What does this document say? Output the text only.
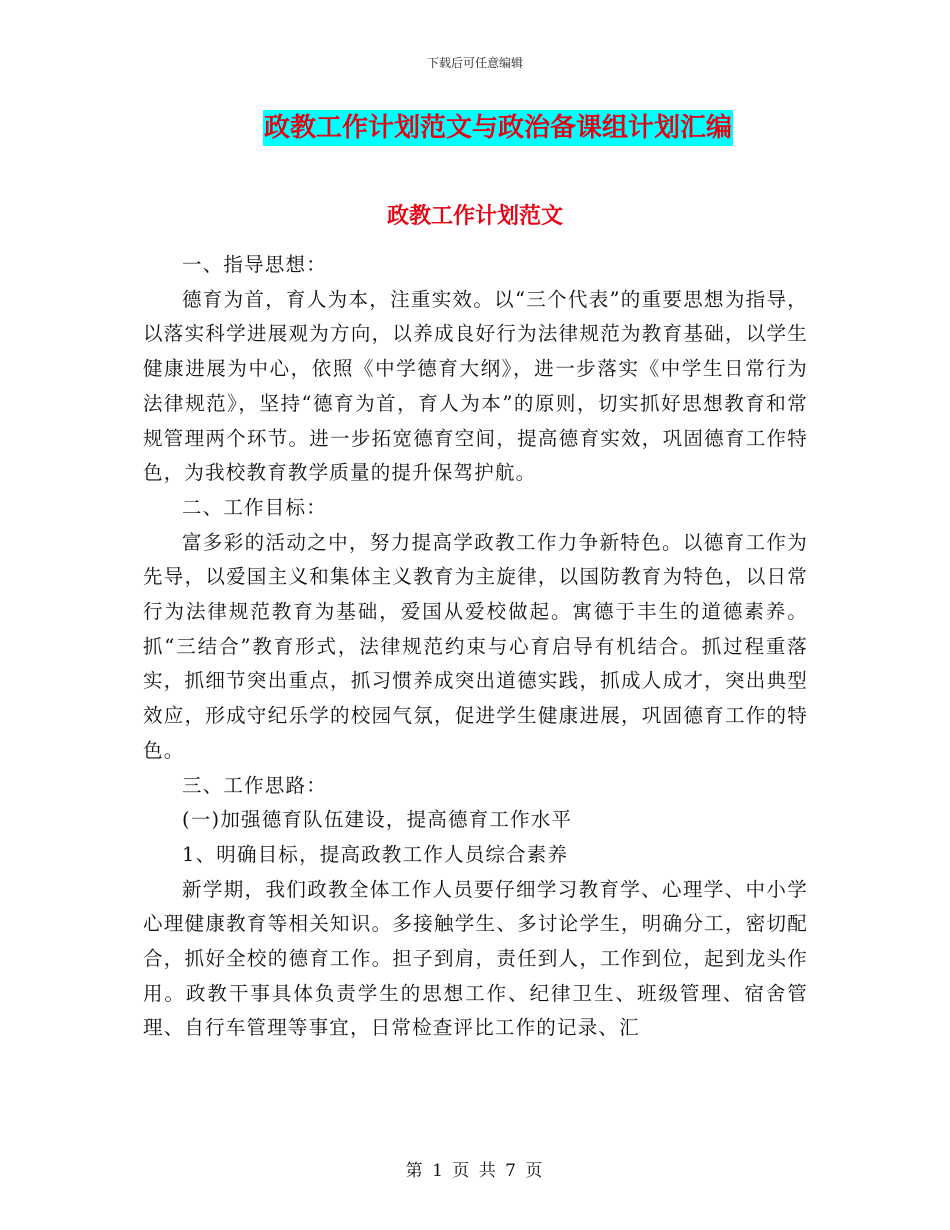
下载后可任意编辑
政教工作计划范文与政治备课组计划汇编
政教工作计划范文

一、指导思想：

德育为首，育人为本，注重实效。以“三个代表”的重要思想为指导，以落实科学进展观为方向，以养成良好行为法律规范为教育基础，以学生健康进展为中心，依照《中学德育大纲》，进一步落实《中学生日常行为法律规范》，坚持“德育为首，育人为本”的原则，切实抓好思想教育和常规管理两个环节。进一步拓宽德育空间，提高德育实效，巩固德育工作特色，为我校教育教学质量的提升保驾护航。

二、工作目标：

富多彩的活动之中，努力提高学政教工作力争新特色。以德育工作为先导，以爱国主义和集体主义教育为主旋律，以国防教育为特色，以日常行为法律规范教育为基础，爱国从爱校做起。寓德于丰生的道德素养。抓“三结合”教育形式，法律规范约束与心育启导有机结合。抓过程重落实，抓细节突出重点，抓习惯养成突出道德实践，抓成人成才，突出典型效应，形成守纪乐学的校园气氛，促进学生健康进展，巩固德育工作的特色。

三、工作思路：

(一)加强德育队伍建设，提高德育工作水平

1、明确目标，提高政教工作人员综合素养

新学期，我们政教全体工作人员要仔细学习教育学、心理学、中小学心理健康教育等相关知识。多接触学生、多讨论学生，明确分工，密切配合，抓好全校的德育工作。担子到肩，责任到人，工作到位，起到龙头作用。政教干事具体负责学生的思想工作、纪律卫生、班级管理、宿舍管理、自行车管理等事宜，日常检查评比工作的记录、汇

第 1 页 共 7 页
